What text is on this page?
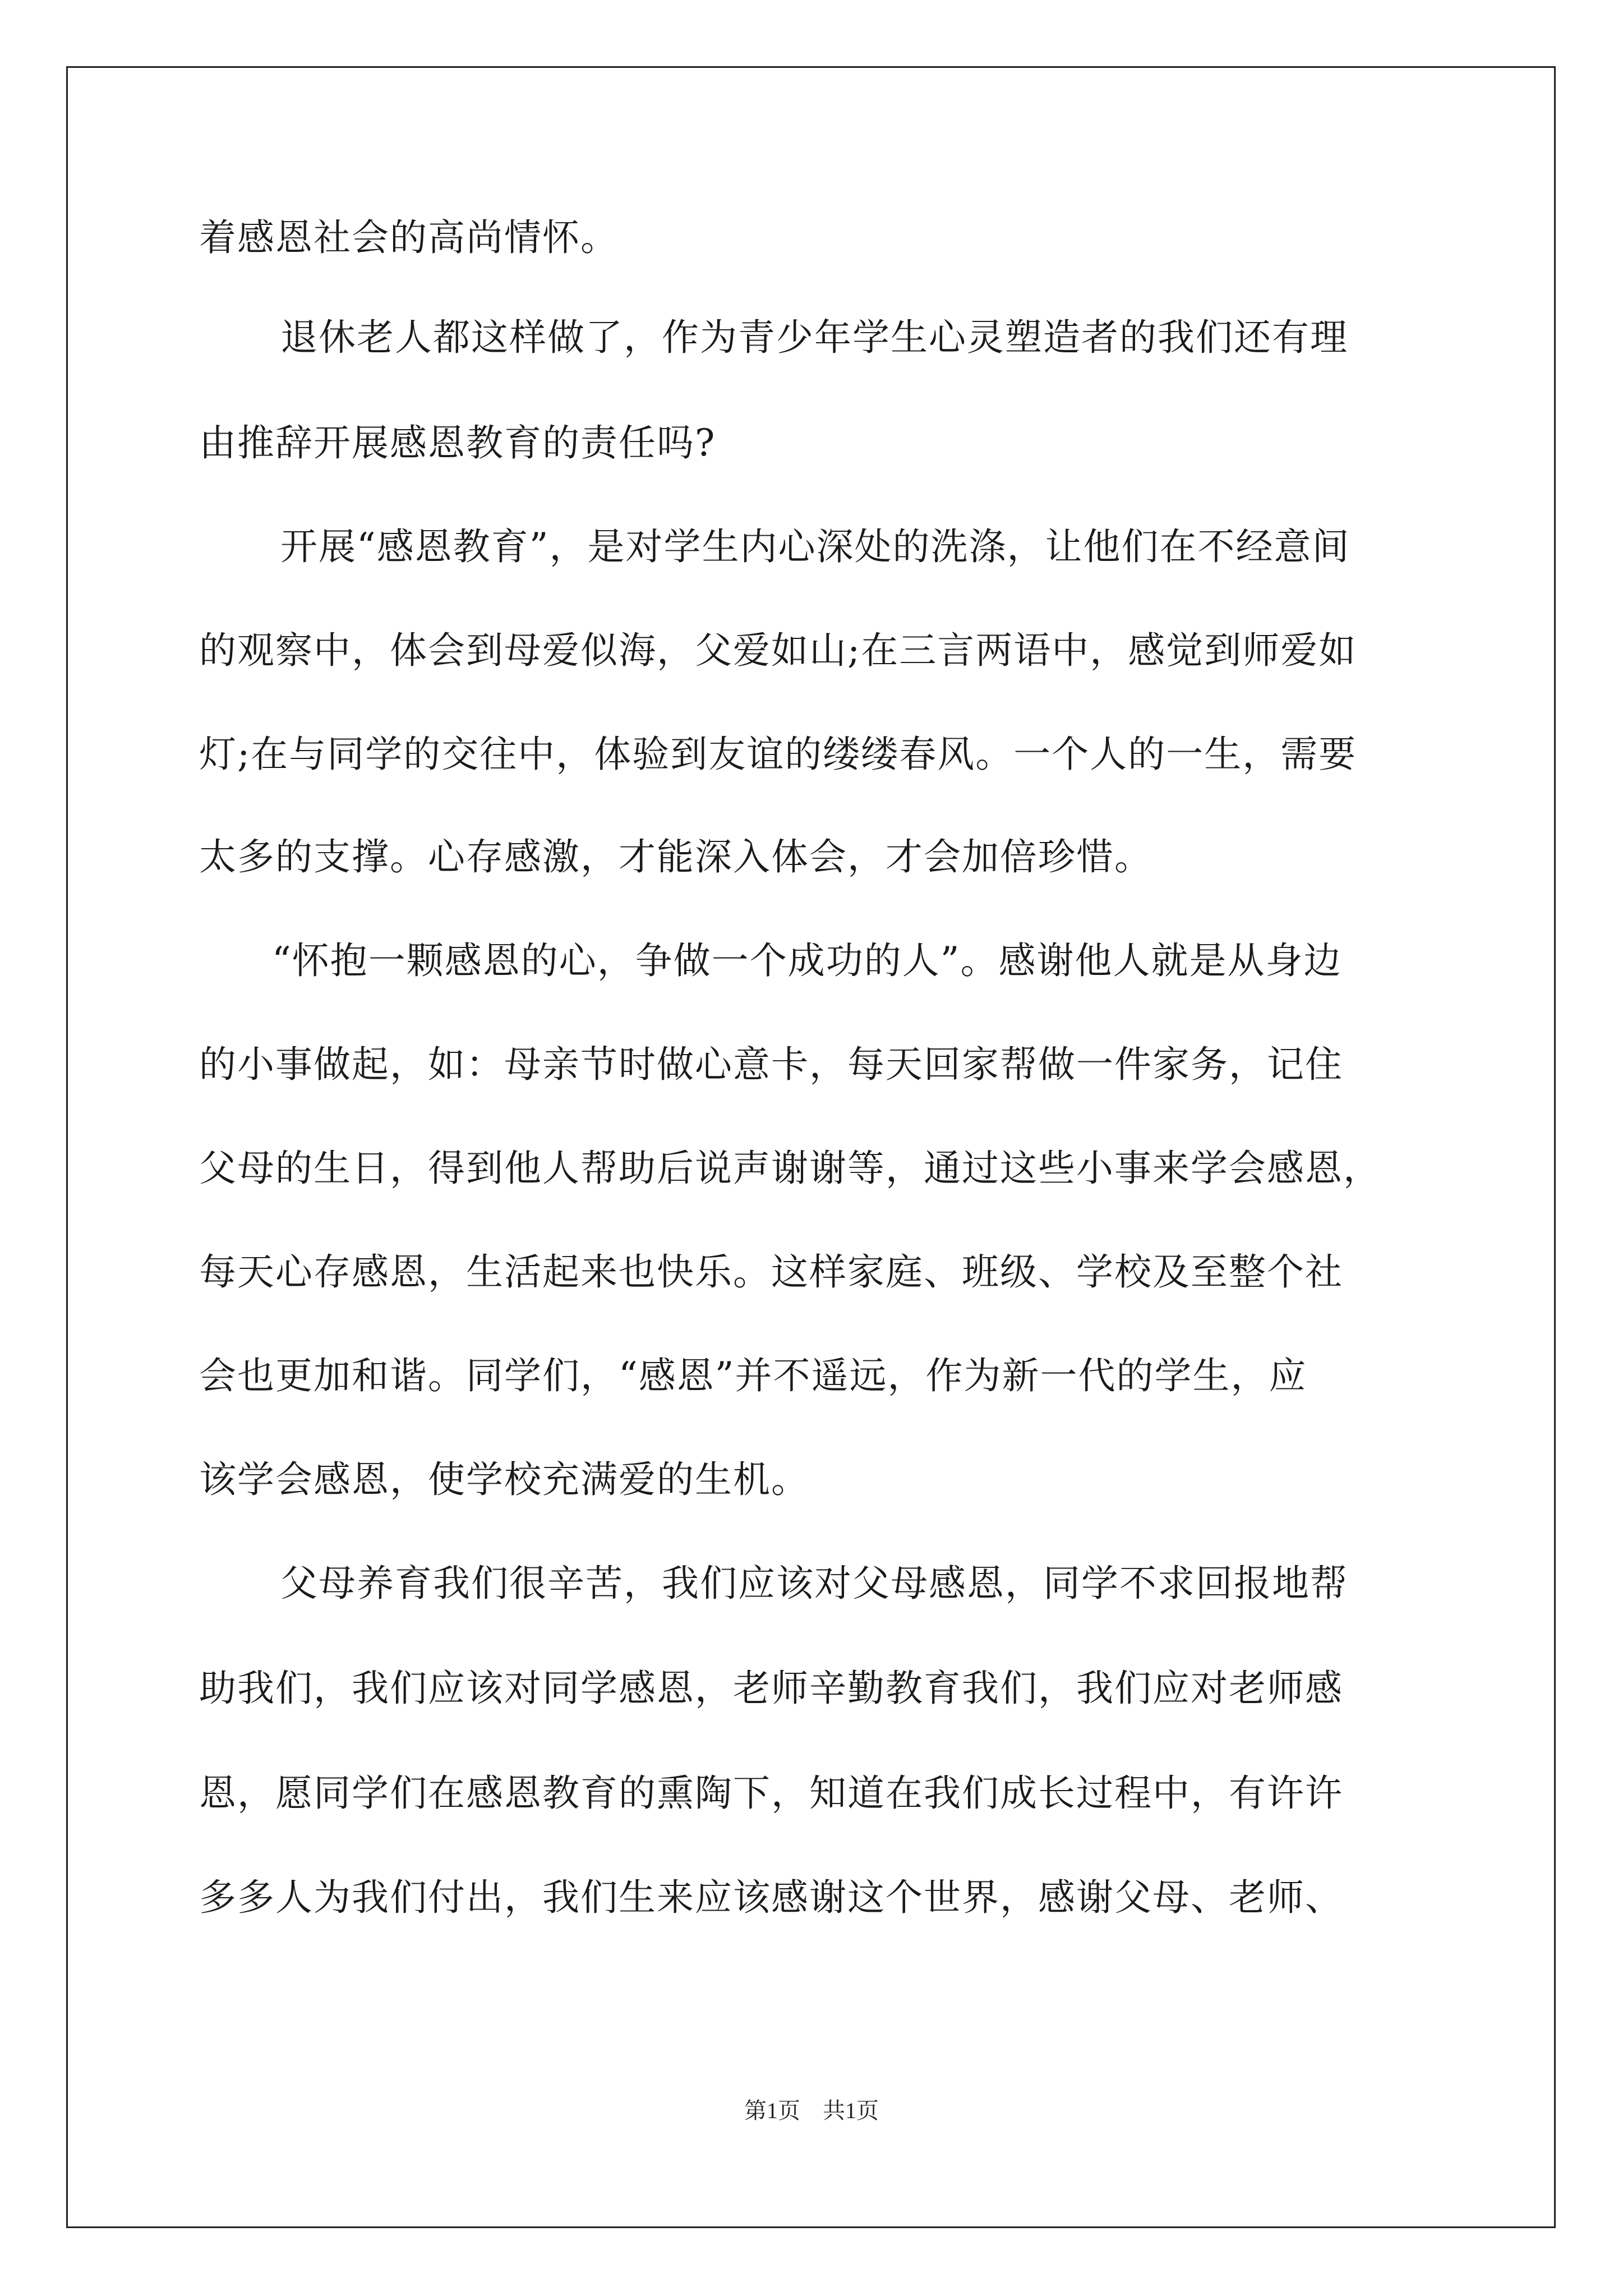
着感恩社会的高尚情怀。
退休老人都这样做了，作为青少年学生心灵塑造者的我们还有理
由推辞开展感恩教育的责任吗?
开展“感恩教育”，是对学生内心深处的洗涤，让他们在不经意间
的观察中，体会到母爱似海，父爱如山;在三言两语中，感觉到师爱如
灯;在与同学的交往中，体验到友谊的缕缕春风。一个人的一生，需要
太多的支撑。心存感激，才能深入体会，才会加倍珍惜。
“怀抱一颗感恩的心，争做一个成功的人”。感谢他人就是从身边
的小事做起，如：母亲节时做心意卡，每天回家帮做一件家务，记住
父母的生日，得到他人帮助后说声谢谢等，通过这些小事来学会感恩，
每天心存感恩，生活起来也快乐。这样家庭、班级、学校及至整个社
会也更加和谐。同学们，“感恩”并不遥远，作为新一代的学生，应
该学会感恩，使学校充满爱的生机。
父母养育我们很辛苦，我们应该对父母感恩，同学不求回报地帮
助我们，我们应该对同学感恩，老师辛勤教育我们，我们应对老师感
恩，愿同学们在感恩教育的熏陶下，知道在我们成长过程中，有许许
多多人为我们付出，我们生来应该感谢这个世界，感谢父母、老师、
第1页　共1页
